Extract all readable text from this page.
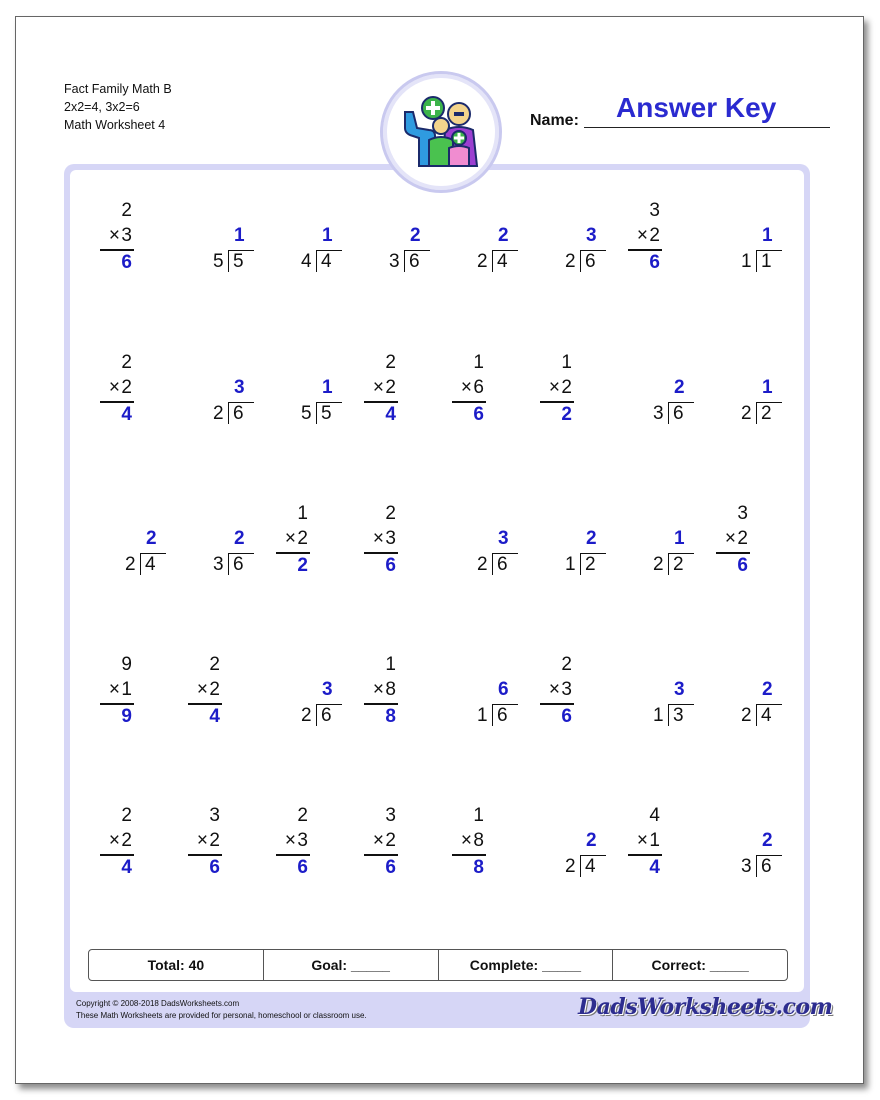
Fact Family Math B
2x2=4, 3x2=6
Math Worksheet 4	Name: Answer Key
2
× 3
6
1
5 5
1
4 4
2
3 6
2
2 4
3
2 6
3
× 2
6
1
1 1
2
× 2
4
3
2 6
1
5 5
2
× 2
4
1
× 6
6
1
× 2
2
2
3 6
1
2 2
2
2 4
2
3 6
1
× 2
2
2
× 3
6
3
2 6
2
1 2
1
2 2
3
× 2
6
9
× 1
9
2
× 2
4
3
2 6
1
× 8
8
6
1 6
2
× 3
6
3
1 3
2
2 4
2
× 2
4
3
× 2
6
2
× 3
6
3
× 2
6
1
× 8
8
2
2 4
4
× 1
4
2
3 6
Total: 40	Goal: _____	Complete: _____	Correct: _____
Copyright © 2008-2018 DadsWorksheets.com
These Math Worksheets are provided for personal, homeschool or classroom use.	DadsWorksheets.com
